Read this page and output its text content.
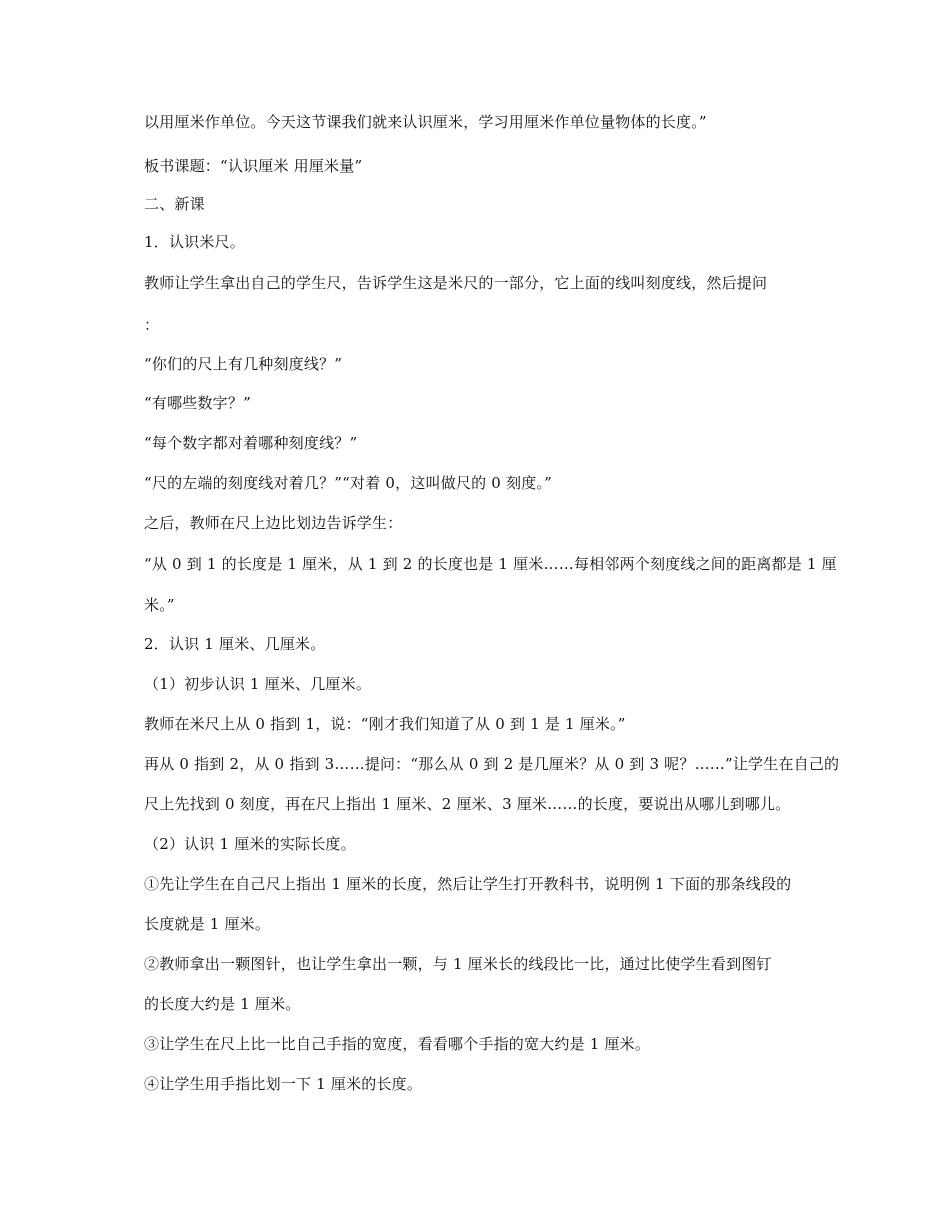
以用厘米作单位。今天这节课我们就来认识厘米，学习用厘米作单位量物体的长度。”
板书课题：“认识厘米 用厘米量”
二、新课
1．认识米尺。
教师让学生拿出自己的学生尺，告诉学生这是米尺的一部分，它上面的线叫刻度线，然后提问
：
“你们的尺上有几种刻度线？”
“有哪些数字？”
“每个数字都对着哪种刻度线？”
“尺的左端的刻度线对着几？”“对着 0，这叫做尺的 0 刻度。”
之后，教师在尺上边比划边告诉学生：
“从 0 到 1 的长度是 1 厘米，从 1 到 2 的长度也是 1 厘米……每相邻两个刻度线之间的距离都是 1 厘
米。”
2．认识 1 厘米、几厘米。
（1）初步认识 1 厘米、几厘米。
教师在米尺上从 0 指到 1，说：“刚才我们知道了从 0 到 1 是 1 厘米。”
再从 0 指到 2，从 0 指到 3……提问：“那么从 0 到 2 是几厘米？从 0 到 3 呢？……”让学生在自己的
尺上先找到 0 刻度，再在尺上指出 1 厘米、2 厘米、3 厘米……的长度，要说出从哪儿到哪儿。
（2）认识 1 厘米的实际长度。
①先让学生在自己尺上指出 1 厘米的长度，然后让学生打开教科书，说明例 1 下面的那条线段的
长度就是 1 厘米。
②教师拿出一颗图针，也让学生拿出一颗，与 1 厘米长的线段比一比，通过比使学生看到图钉
的长度大约是 1 厘米。
③让学生在尺上比一比自己手指的宽度，看看哪个手指的宽大约是 1 厘米。
④让学生用手指比划一下 1 厘米的长度。
